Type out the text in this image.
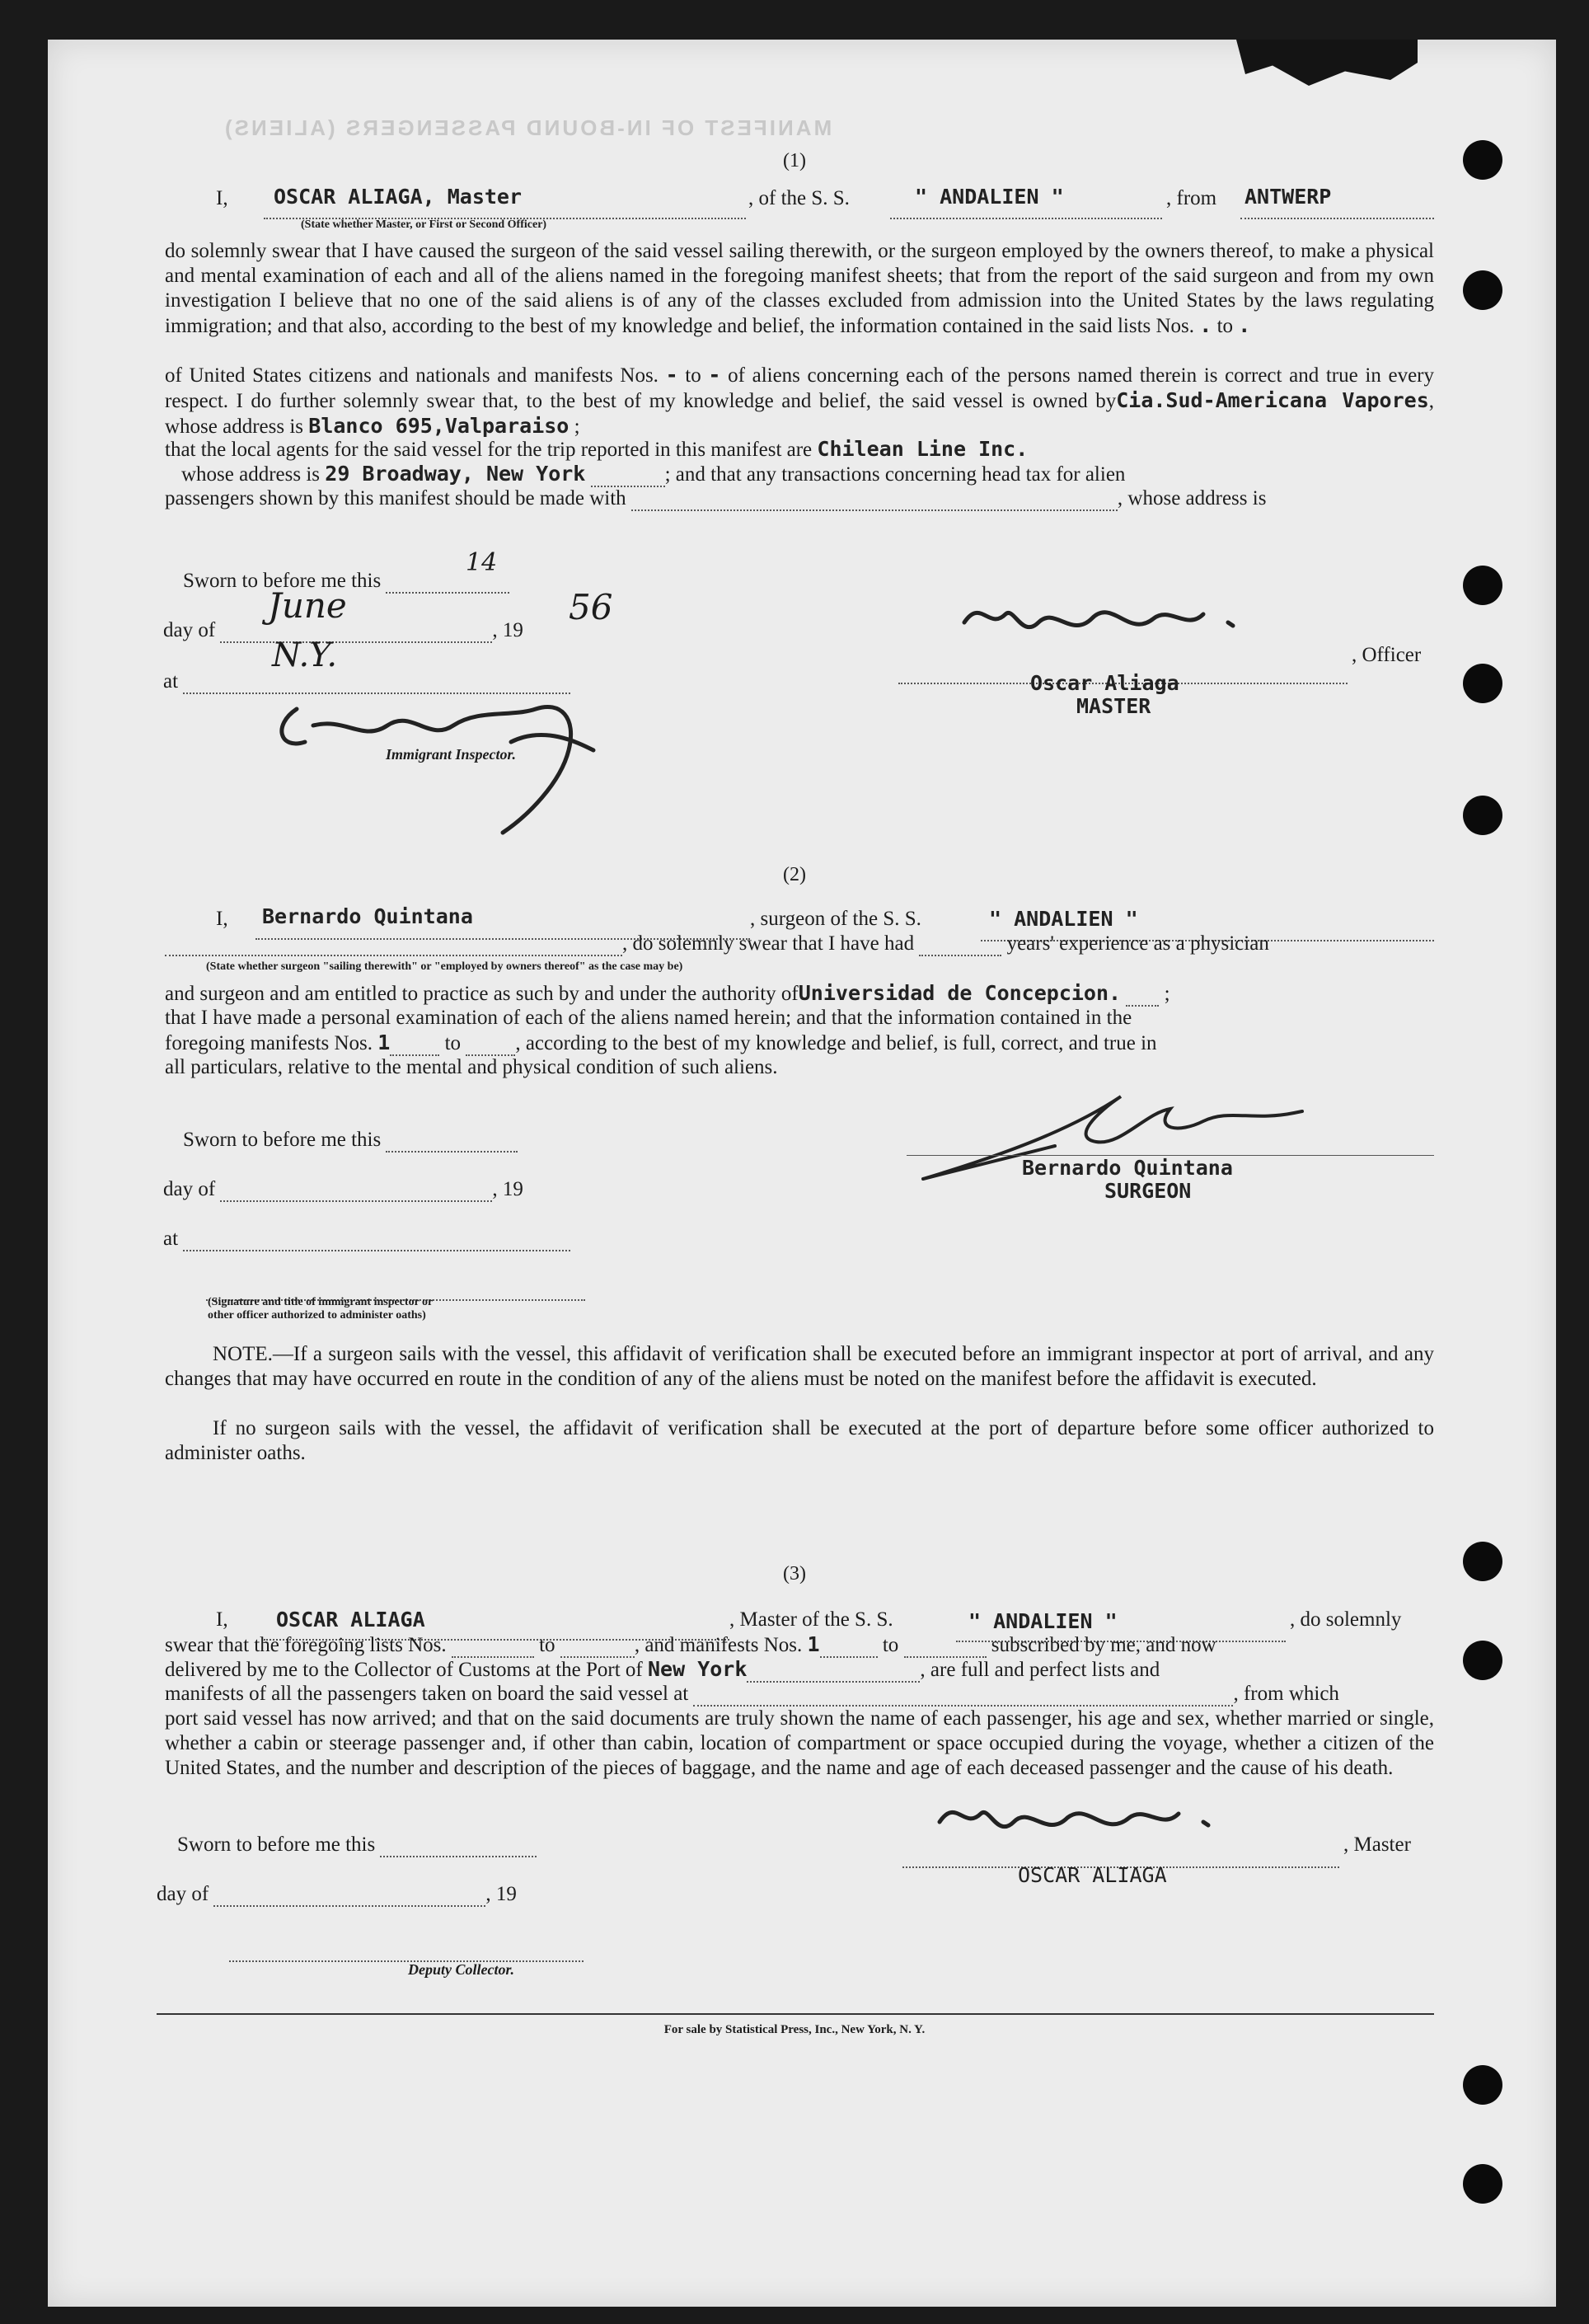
MANIFEST OF IN-BOUND PASSENGERS (ALIENS)
(1)
I, OSCAR ALIAGA, Master	, of the S. S.	" ANDALIEN "	, from ANTWERP
(State whether Master, or First or Second Officer)
do solemnly swear that I have caused the surgeon of the said vessel sailing therewith, or the surgeon employed by the owners thereof, to make a physical and mental examination of each and all of the aliens named in the foregoing manifest sheets; that from the report of the said surgeon and from my own investigation I believe that no one of the said aliens is of any of the classes excluded from admission into the United States by the laws regulating immigration; and that also, according to the best of my knowledge and belief, the information contained in the said lists Nos. . to .
of United States citizens and nationals and manifests Nos. - to - of aliens concerning each of the persons named therein is correct and true in every respect. I do further solemnly swear that, to the best of my knowledge and belief, the said vessel is owned byCia.Sud-Americana Vapores, whose address is Blanco 695,Valparaiso ;
that the local agents for the said vessel for the trip reported in this manifest are Chilean Line Inc.
whose address is 29 Broadway, New York	; and that any transactions concerning head tax for alien
passengers shown by this manifest should be made with	, whose address is
Sworn to before me this
14
day of	, 19
June	56
at
N.Y.
Immigrant Inspector.
, Officer
Oscar Aliaga
MASTER
(2)
I, Bernardo Quintana	, surgeon of the S. S.	" ANDALIEN "
, do solemnly swear that I have had	years' experience as a physician
(State whether surgeon "sailing therewith" or "employed by owners thereof" as the case may be)
and surgeon and am entitled to practice as such by and under the authority ofUniversidad de Concepcion.  ;
that I have made a personal examination of each of the aliens named herein; and that the information contained in the
foregoing manifests Nos. 1	to	, according to the best of my knowledge and belief, is full, correct, and true in
all particulars, relative to the mental and physical condition of such aliens.
Sworn to before me this
day of	, 19
at
(Signature and title of immigrant inspector or
other officer authorized to administer oaths)
Bernardo Quintana
SURGEON
NOTE.—If a surgeon sails with the vessel, this affidavit of verification shall be executed before an immigrant inspector at port of arrival, and any changes that may have occurred en route in the condition of any of the aliens must be noted on the manifest before the affidavit is executed.
If no surgeon sails with the vessel, the affidavit of verification shall be executed at the port of departure before some officer authorized to administer oaths.
(3)
I, OSCAR ALIAGA	, Master of the S. S.	" ANDALIEN "	, do solemnly
swear that the foregoing lists Nos.	to	, and manifests Nos. 1	to	subscribed by me, and now
delivered by me to the Collector of Customs at the Port of New York	, are full and perfect lists and
manifests of all the passengers taken on board the said vessel at	, from which
port said vessel has now arrived; and that on the said documents are truly shown the name of each passenger, his age and sex, whether married or single, whether a cabin or steerage passenger and, if other than cabin, location of compartment or space occupied during the voyage, whether a citizen of the United States, and the number and description of the pieces of baggage, and the name and age of each deceased passenger and the cause of his death.
Sworn to before me this	, Master
OSCAR ALIAGA
day of	, 19
Deputy Collector.
For sale by Statistical Press, Inc., New York, N. Y.
